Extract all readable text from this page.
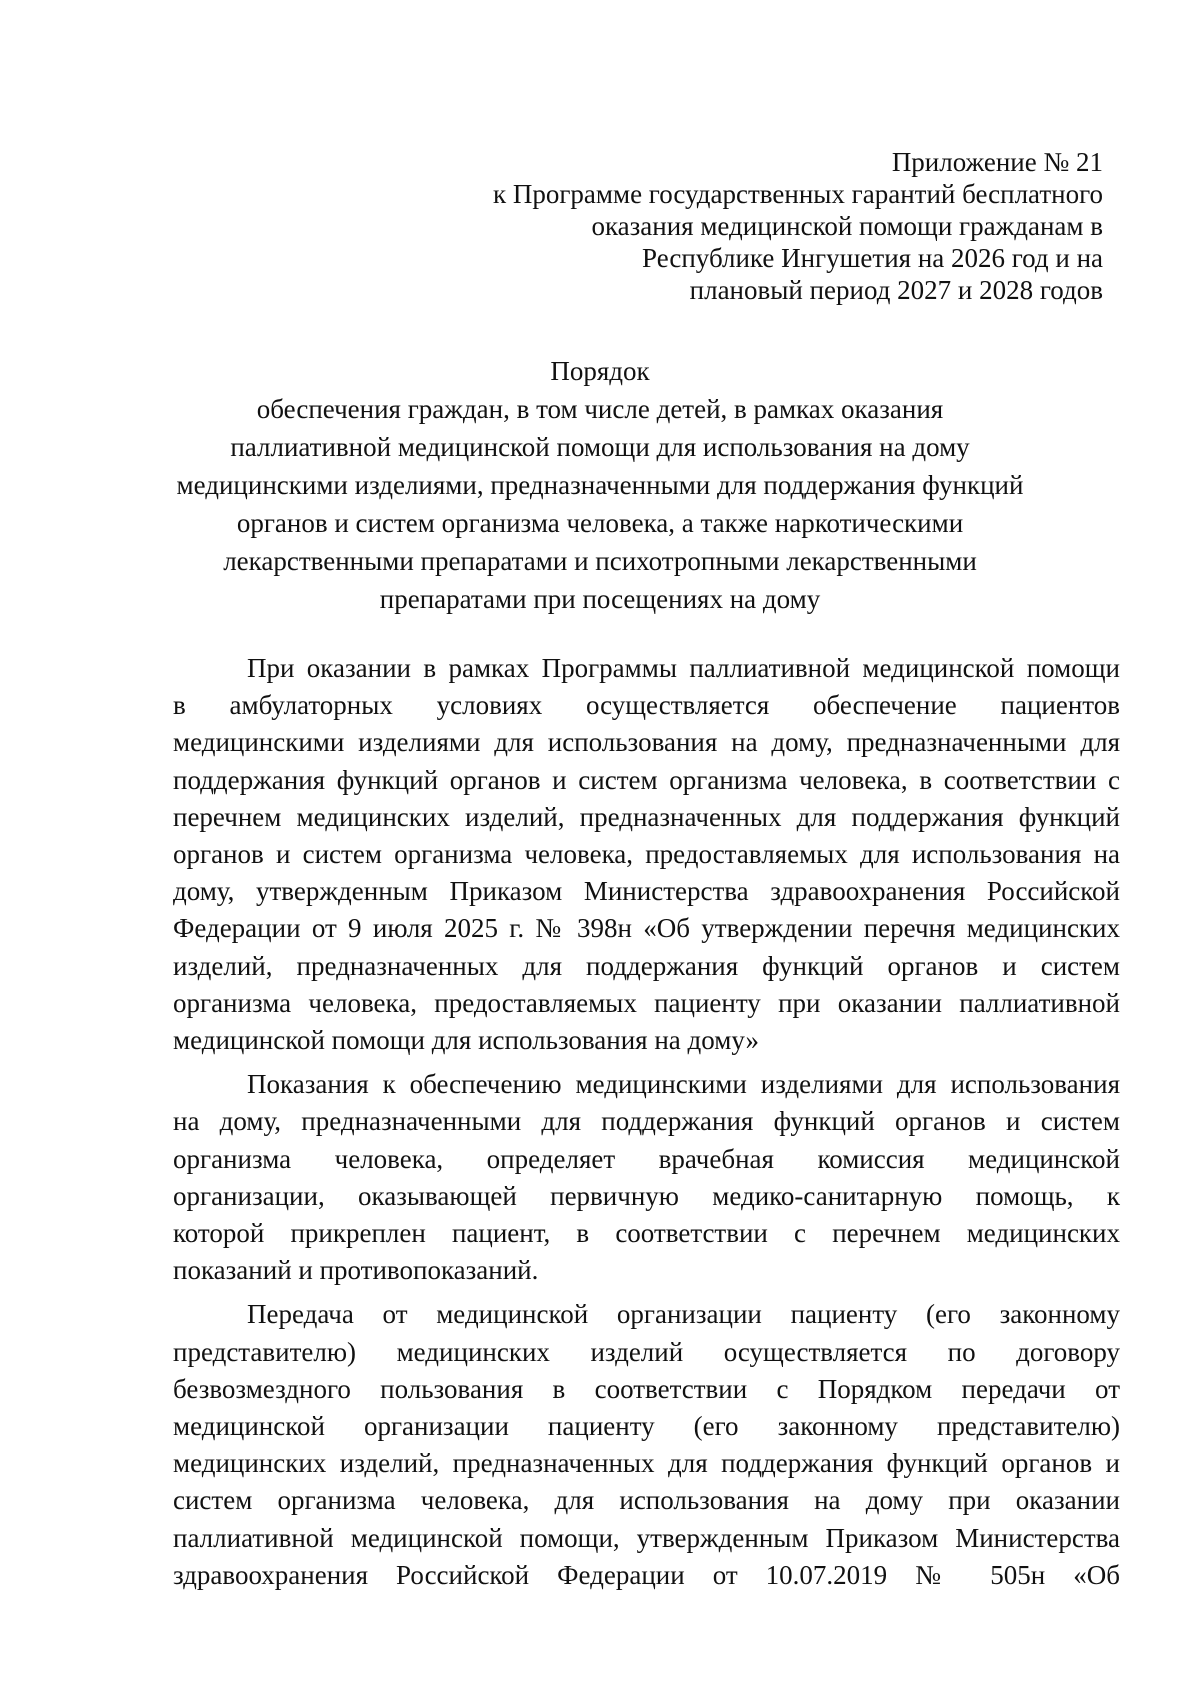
Приложение № 21
к Программе государственных гарантий бесплатного
оказания медицинской помощи гражданам в
Республике Ингушетия на 2026 год и на
плановый период 2027 и 2028 годов
Порядок
обеспечения граждан, в том числе детей, в рамках оказания
паллиативной медицинской помощи для использования на дому
медицинскими изделиями, предназначенными для поддержания функций
органов и систем организма человека, а также наркотическими
лекарственными препаратами и психотропными лекарственными
препаратами при посещениях на дому
При оказании в рамках Программы паллиативной медицинской помощи
в амбулаторных условиях осуществляется обеспечение пациентов
медицинскими изделиями для использования на дому, предназначенными для
поддержания функций органов и систем организма человека, в соответствии с
перечнем медицинских изделий, предназначенных для поддержания функций
органов и систем организма человека, предоставляемых для использования на
дому, утвержденным Приказом Министерства здравоохранения Российской
Федерации от 9 июля 2025 г. № 398н «Об утверждении перечня медицинских
изделий, предназначенных для поддержания функций органов и систем
организма человека, предоставляемых пациенту при оказании паллиативной
медицинской помощи для использования на дому»
Показания к обеспечению медицинскими изделиями для использования
на дому, предназначенными для поддержания функций органов и систем
организма человека, определяет врачебная комиссия медицинской
организации, оказывающей первичную медико-санитарную помощь, к
которой прикреплен пациент, в соответствии с перечнем медицинских
показаний и противопоказаний.
Передача от медицинской организации пациенту (его законному
представителю) медицинских изделий осуществляется по договору
безвозмездного пользования в соответствии с Порядком передачи от
медицинской организации пациенту (его законному представителю)
медицинских изделий, предназначенных для поддержания функций органов и
систем организма человека, для использования на дому при оказании
паллиативной медицинской помощи, утвержденным Приказом Министерства
здравоохранения Российской Федерации от 10.07.2019 № 505н «Об
